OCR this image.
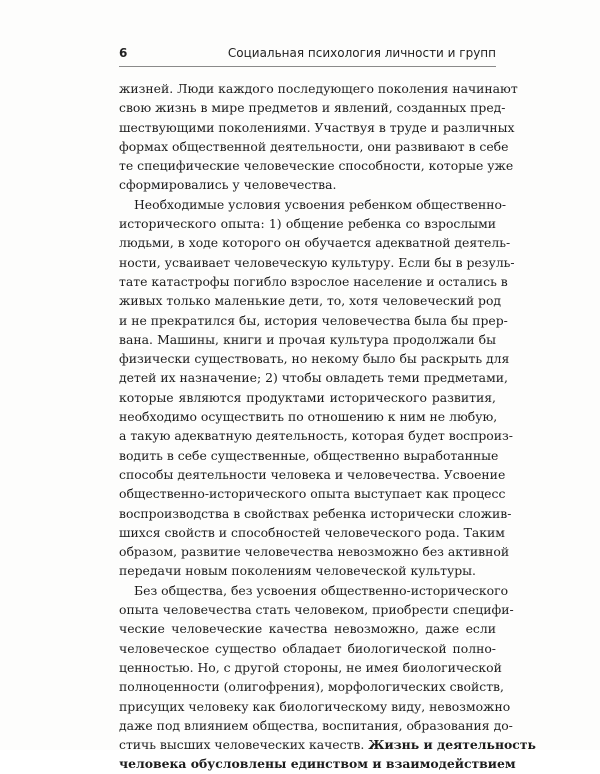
6	Социальная психология личности и групп
жизней. Люди каждого последующего поколения начинают
свою жизнь в мире предметов и явлений, созданных пред-
шествующими поколениями. Участвуя в труде и различных
формах общественной деятельности, они развивают в себе
те специфические человеческие способности, которые уже
сформировались у человечества.
Необходимые условия усвоения ребенком общественно-
исторического опыта: 1) общение ребенка со взрослыми
людьми, в ходе которого он обучается адекватной деятель-
ности, усваивает человеческую культуру. Если бы в резуль-
тате катастрофы погибло взрослое население и остались в
живых только маленькие дети, то, хотя человеческий род
и не прекратился бы, история человечества была бы прер-
вана. Машины, книги и прочая культура продолжали бы
физически существовать, но некому было бы раскрыть для
детей их назначение; 2) чтобы овладеть теми предметами,
которые являются продуктами исторического развития,
необходимо осуществить по отношению к ним не любую,
а такую адекватную деятельность, которая будет воспроиз-
водить в себе существенные, общественно выработанные
способы деятельности человека и человечества. Усвоение
общественно-исторического опыта выступает как процесс
воспроизводства в свойствах ребенка исторически сложив-
шихся свойств и способностей человеческого рода. Таким
образом, развитие человечества невозможно без активной
передачи новым поколениям человеческой культуры.
Без общества, без усвоения общественно-исторического
опыта человечества стать человеком, приобрести специфи-
ческие человеческие качества невозможно, даже если
человеческое существо обладает биологической полно-
ценностью. Но, с другой стороны, не имея биологической
полноценности (олигофрения), морфологических свойств,
присущих человеку как биологическому виду, невозможно
даже под влиянием общества, воспитания, образования до-
стичь высших человеческих качеств. Жизнь и деятельность
человека обусловлены единством и взаимодействием
